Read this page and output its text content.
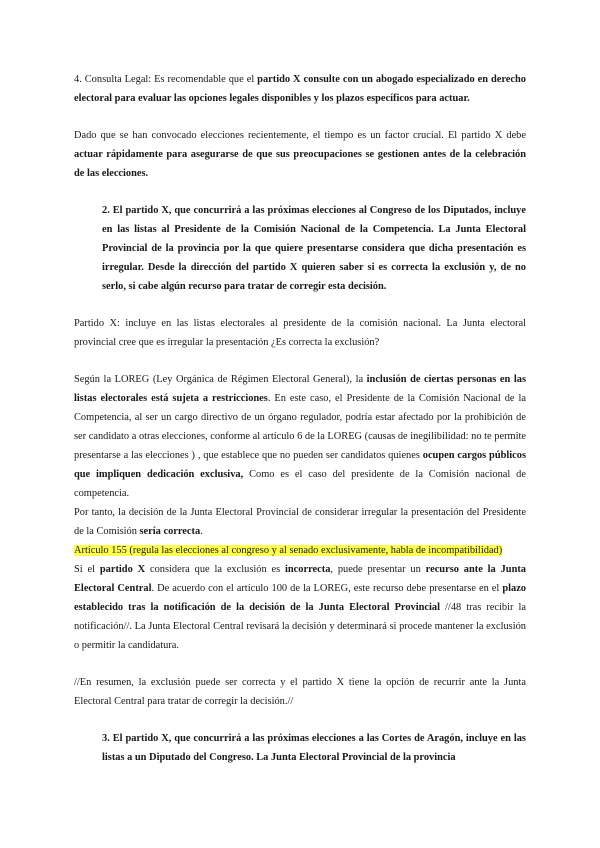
4. Consulta Legal: Es recomendable que el partido X consulte con un abogado especializado en derecho electoral para evaluar las opciones legales disponibles y los plazos específicos para actuar.

Dado que se han convocado elecciones recientemente, el tiempo es un factor crucial. El partido X debe actuar rápidamente para asegurarse de que sus preocupaciones se gestionen antes de la celebración de las elecciones.

2. El partido X, que concurrirá a las próximas elecciones al Congreso de los Diputados, incluye en las listas al Presidente de la Comisión Nacional de la Competencia. La Junta Electoral Provincial de la provincia por la que quiere presentarse considera que dicha presentación es irregular. Desde la dirección del partido X quieren saber si es correcta la exclusión y, de no serlo, si cabe algún recurso para tratar de corregir esta decisión.

Partido X: incluye en las listas electorales al presidente de la comisión nacional. La Junta electoral provincial cree que es irregular la presentación ¿Es correcta la exclusión?

Según la LOREG (Ley Orgánica de Régimen Electoral General), la inclusión de ciertas personas en las listas electorales está sujeta a restricciones. En este caso, el Presidente de la Comisión Nacional de la Competencia, al ser un cargo directivo de un órgano regulador, podría estar afectado por la prohibición de ser candidato a otras elecciones, conforme al artículo 6 de la LOREG (causas de inegilibilidad: no te permite presentarse a las elecciones ) , que establece que no pueden ser candidatos quienes ocupen cargos públicos que impliquen dedicación exclusiva, Como es el caso del presidente de la Comisión nacional de competencia.

Por tanto, la decisión de la Junta Electoral Provincial de considerar irregular la presentación del Presidente de la Comisión sería correcta.

Artículo 155 (regula las elecciones al congreso y al senado exclusivamente, habla de incompatibilidad)

Si el partido X considera que la exclusión es incorrecta, puede presentar un recurso ante la Junta Electoral Central. De acuerdo con el artículo 100 de la LOREG, este recurso debe presentarse en el plazo establecido tras la notificación de la decisión de la Junta Electoral Provincial //48 tras recibir la notificación//. La Junta Electoral Central revisará la decisión y determinará si procede mantener la exclusión o permitir la candidatura.

//En resumen, la exclusión puede ser correcta y el partido X tiene la opción de recurrir ante la Junta Electoral Central para tratar de corregir la decisión.//

3. El partido X, que concurrirá a las próximas elecciones a las Cortes de Aragón, incluye en las listas a un Diputado del Congreso. La Junta Electoral Provincial de la provincia
